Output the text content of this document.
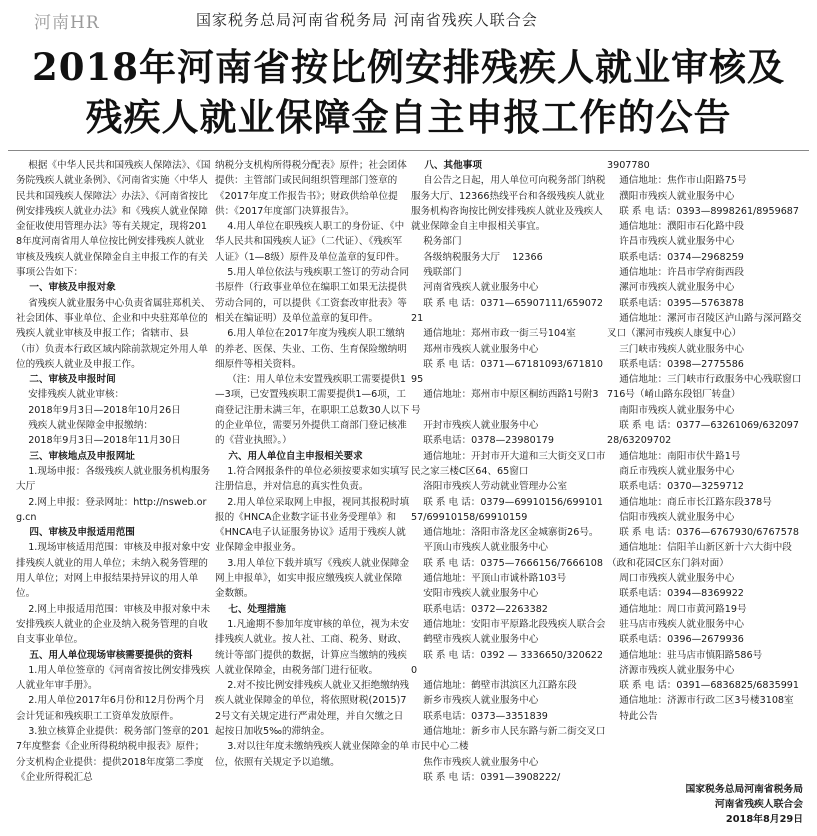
河南HR	国家税务总局河南省税务局 河南省残疾人联合会
2018年河南省按比例安排残疾人就业审核及
残疾人就业保障金自主申报工作的公告
根据《中华人民共和国残疾人保障法》、《国务院残疾人就业条例》、《河南省实施〈中华人民共和国残疾人保障法〉办法》、《河南省按比例安排残疾人就业办法》和《残疾人就业保障金征收使用管理办法》等有关规定，现将2018年度河南省用人单位按比例安排残疾人就业审核及残疾人就业保障金自主申报工作的有关事项公告如下：
一、审核及申报对象
省残疾人就业服务中心负责省属驻郑机关、社会团体、事业单位、企业和中央驻郑单位的残疾人就业审核及申报工作；省辖市、县（市）负责本行政区域内除前款规定外用人单位的残疾人就业及申报工作。
二、审核及申报时间
安排残疾人就业审核：
2018年9月3日—2018年10月26日
残疾人就业保障金申报缴纳：
2018年9月3日—2018年11月30日
三、审核地点及申报网址
1.现场申报：各级残疾人就业服务机构服务大厅
2.网上申报：登录网址：http://nsweb.org.cn
四、审核及申报适用范围
1.现场审核适用范围：审核及申报对象中安排残疾人就业的用人单位；未纳入税务管理的用人单位；对网上申报结果持异议的用人单位。
2.网上申报适用范围：审核及申报对象中未安排残疾人就业的企业及纳入税务管理的自收自支事业单位。
五、用人单位现场审核需要提供的资料
1.用人单位签章的《河南省按比例安排残疾人就业年审手册》。
2.用人单位2017年6月份和12月份两个月会计凭证和残疾职工工资单发放原件。
3.独立核算企业提供：税务部门签章的2017年度整套《企业所得税纳税申报表》原件；分支机构企业提供：提供2018年度第二季度《企业所得税汇总
纳税分支机构所得税分配表》原件；社会团体提供：主管部门或民间组织管理部门签章的《2017年度工作报告书》；财政供给单位提供：《2017年度部门决算报告》。
4.用人单位在职残疾人职工的身份证、《中华人民共和国残疾人证》（二代证）、《残疾军人证》（1—8级）原件及单位盖章的复印件。
5.用人单位依法与残疾职工签订的劳动合同书原件（行政事业单位在编职工如果无法提供劳动合同的，可以提供《工资套改审批表》等相关在编证明）及单位盖章的复印件。
6.用人单位在2017年度为残疾人职工缴纳的养老、医保、失业、工伤、生育保险缴纳明细原件等相关资料。
（注：用人单位未安置残疾职工需要提供1—3项，已安置残疾职工需要提供1—6项，工商登记注册未满三年，在职职工总数30人以下的企业单位，需要另外提供工商部门登记核准的《营业执照》。）
六、用人单位自主申报相关要求
1.符合网报条件的单位必须按要求如实填写注册信息，并对信息的真实性负责。
2.用人单位采取网上申报，视同其报税时填报的《HNCA企业数字证书业务受理单》和《HNCA电子认证服务协议》适用于残疾人就业保障金申报业务。
3.用人单位下载并填写《残疾人就业保障金网上申报单》，如实申报应缴残疾人就业保障金数额。
七、处理措施
1.凡逾期不参加年度审核的单位，视为未安排残疾人就业。按人社、工商、税务、财政、统计等部门提供的数据，计算应当缴纳的残疾人就业保障金，由税务部门进行征收。
2.对不按比例安排残疾人就业又拒绝缴纳残疾人就业保障金的单位，将依照财税(2015)72号文有关规定进行严肃处理，并自欠缴之日起按日加收5‰的滞纳金。
3.对以往年度未缴纳残疾人就业保障金的单位，依照有关规定予以追缴。
八、其他事项
自公告之日起，用人单位可向税务部门纳税服务大厅、12366热线平台和各级残疾人就业服务机构咨询按比例安排残疾人就业及残疾人就业保障金自主申报相关事宜。
税务部门
各级纳税服务大厅    12366
残联部门
河南省残疾人就业服务中心
联 系 电 话：0371—65907111/65907221
通信地址：郑州市政一街三号104室
郑州市残疾人就业服务中心
联 系 电 话：0371—67181093/67181095
通信地址：郑州市中原区桐纺西路1号附3号
开封市残疾人就业服务中心
联系电话：0378—23980179
通信地址：开封市开大道和三大街交叉口市民之家三楼C区64、65窗口
洛阳市残疾人劳动就业管理办公室
联 系 电 话：0379—69910156/69910157/69910158/69910159
通信地址：洛阳市洛龙区金城寨街26号。
平顶山市残疾人就业服务中心
联 系 电 话：0375—7666156/7666108
通信地址：平顶山市诚朴路103号
安阳市残疾人就业服务中心
联系电话：0372—2263382
通信地址：安阳市平原路北段残疾人联合会
鹤壁市残疾人就业服务中心
联 系 电 话：0392 — 3336650/3206220
通信地址：鹤壁市淇滨区九江路东段
新乡市残疾人就业服务中心
联系电话：0373—3351839
通信地址：新乡市人民东路与新二街交叉口市民中心二楼
焦作市残疾人就业服务中心
联 系 电 话：0391—3908222/
3907780
通信地址：焦作市山阳路75号
濮阳市残疾人就业服务中心
联 系 电 话：0393—8998261/8959687
通信地址：濮阳市石化路中段
许昌市残疾人就业服务中心
联系电话：0374—2968259
通信地址：许昌市学府街西段
漯河市残疾人就业服务中心
联系电话：0395—5763878
通信地址：漯河市召陵区泸山路与深河路交叉口（漯河市残疾人康复中心）
三门峡市残疾人就业服务中心
联系电话：0398—2775586
通信地址：三门峡市行政服务中心残联窗口716号（崤山路东段铝厂转盘）
南阳市残疾人就业服务中心
联 系 电 话：0377—63261069/63209728/63209702
通信地址：南阳市伏牛路1号
商丘市残疾人就业服务中心
联系电话：0370—3259712
通信地址：商丘市长江路东段378号
信阳市残疾人就业服务中心
联 系 电 话：0376—6767930/6767578
通信地址：信阳羊山新区新十六大街中段（政和花园C区东门斜对面）
周口市残疾人就业服务中心
联系电话：0394—8369922
通信地址：周口市黄河路19号
驻马店市残疾人就业服务中心
联系电话：0396—2679936
通信地址：驻马店市慎阳路586号
济源市残疾人就业服务中心
联 系 电 话：0391—6836825/6835991
通信地址：济源市行政二区3号楼3108室
特此公告
国家税务总局河南省税务局
河南省残疾人联合会
2018年8月29日
